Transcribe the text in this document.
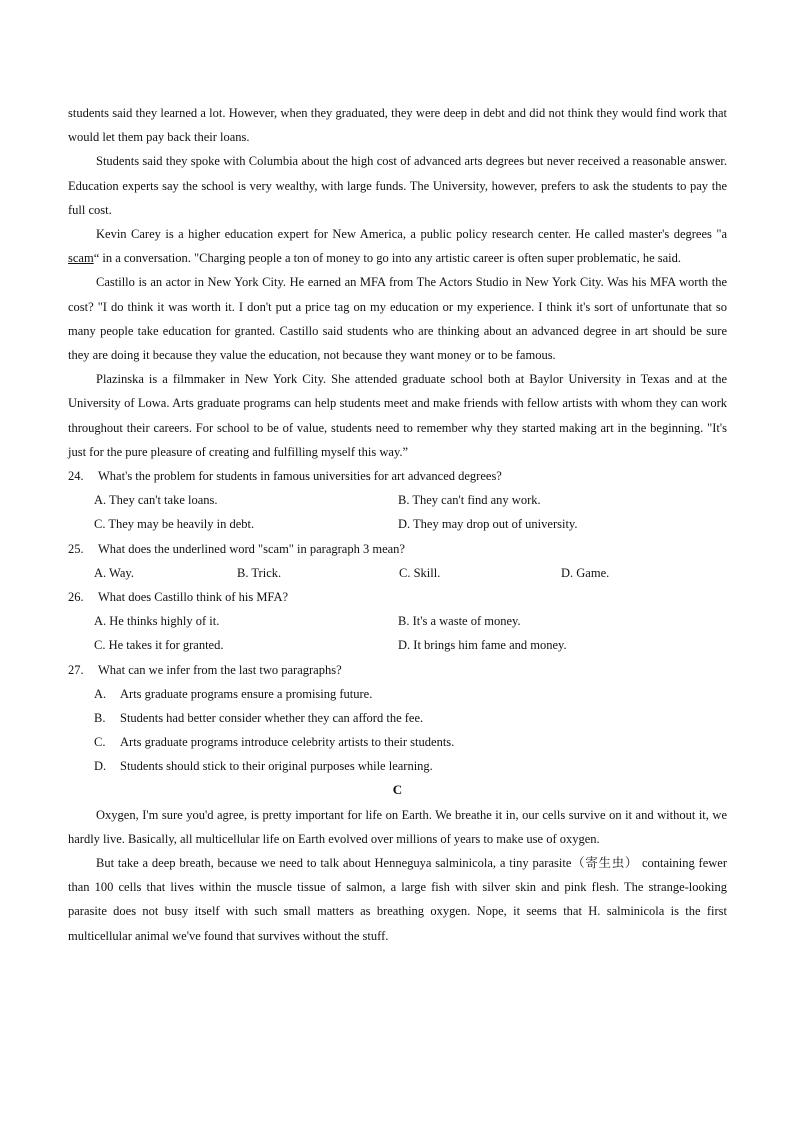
students said they learned a lot. However, when they graduated, they were deep in debt and did not think they would find work that would let them pay back their loans.

Students said they spoke with Columbia about the high cost of advanced arts degrees but never received a reasonable answer. Education experts say the school is very wealthy, with large funds. The University, however, prefers to ask the students to pay the full cost.

Kevin Carey is a higher education expert for New America, a public policy research center. He called master's degrees "a scam“ in a conversation. "Charging people a ton of money to go into any artistic career is often super problematic, he said.

Castillo is an actor in New York City. He earned an MFA from The Actors Studio in New York City. Was his MFA worth the cost? "I do think it was worth it. I don't put a price tag on my education or my experience. I think it's sort of unfortunate that so many people take education for granted. Castillo said students who are thinking about an advanced degree in art should be sure they are doing it because they value the education, not because they want money or to be famous.

Plazinska is a filmmaker in New York City. She attended graduate school both at Baylor University in Texas and at the University of Lowa. Arts graduate programs can help students meet and make friends with fellow artists with whom they can work throughout their careers. For school to be of value, students need to remember why they started making art in the beginning. "It's just for the pure pleasure of creating and fulfilling myself this way.”

24. What's the problem for students in famous universities for art advanced degrees?
A. They can't take loans.	B. They can't find any work.
C. They may be heavily in debt.	D. They may drop out of university.
25. What does the underlined word "scam" in paragraph 3 mean?
A. Way.	B. Trick.	C. Skill.	D. Game.
26. What does Castillo think of his MFA?
A. He thinks highly of it.	B. It's a waste of money.
C. He takes it for granted.	D. It brings him fame and money.
27. What can we infer from the last two paragraphs?
A. Arts graduate programs ensure a promising future.
B. Students had better consider whether they can afford the fee.
C. Arts graduate programs introduce celebrity artists to their students.
D. Students should stick to their original purposes while learning.
C

Oxygen, I'm sure you'd agree, is pretty important for life on Earth. We breathe it in, our cells survive on it and without it, we hardly live. Basically, all multicellular life on Earth evolved over millions of years to make use of oxygen.

But take a deep breath, because we need to talk about Henneguya salminicola, a tiny parasite（寄生虫） containing fewer than 100 cells that lives within the muscle tissue of salmon, a large fish with silver skin and pink flesh. The strange-looking parasite does not busy itself with such small matters as breathing oxygen. Nope, it seems that H. salminicola is the first multicellular animal we've found that survives without the stuff.
